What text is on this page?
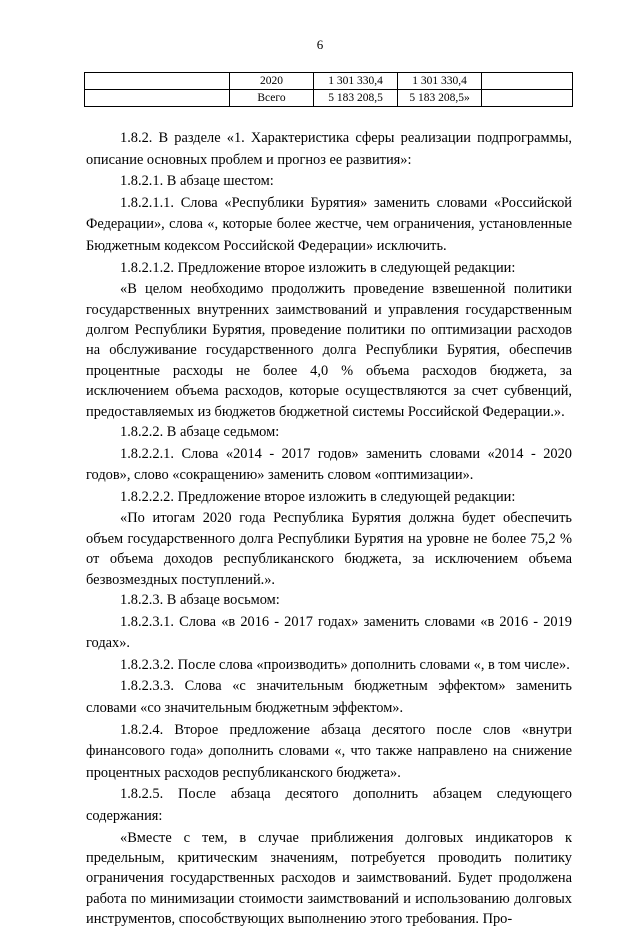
6
	2020	1 301 330,4	1 301 330,4	
	Всего	5 183 208,5	5 183 208,5»	

1.8.2. В разделе «1. Характеристика сферы реализации подпрограммы, описание основных проблем и прогноз ее развития»:

1.8.2.1. В абзаце шестом:

1.8.2.1.1. Слова «Республики Бурятия» заменить словами «Российской Федерации», слова «, которые более жестче, чем ограничения, установленные Бюджетным кодексом Российской Федерации» исключить.

1.8.2.1.2. Предложение второе изложить в следующей редакции:

«В целом необходимо продолжить проведение взвешенной политики государственных внутренних заимствований и управления государственным долгом Республики Бурятия, проведение политики по оптимизации расходов на обслуживание государственного долга Республики Бурятия, обеспечив процентные расходы не более 4,0 % объема расходов бюджета, за исключением объема расходов, которые осуществляются за счет субвенций, предоставляемых из бюджетов бюджетной системы Российской Федерации.».

1.8.2.2. В абзаце седьмом:

1.8.2.2.1. Слова «2014 - 2017 годов» заменить словами «2014 - 2020 годов», слово «сокращению» заменить словом «оптимизации».

1.8.2.2.2. Предложение второе изложить в следующей редакции:

«По итогам 2020 года Республика Бурятия должна будет обеспечить объем государственного долга Республики Бурятия на уровне не более 75,2 % от объема доходов республиканского бюджета, за исключением объема безвозмездных поступлений.».

1.8.2.3. В абзаце восьмом:

1.8.2.3.1. Слова «в 2016 - 2017 годах» заменить словами «в 2016 - 2019 годах».

1.8.2.3.2. После слова «производить» дополнить словами «, в том числе».

1.8.2.3.3. Слова «с значительным бюджетным эффектом» заменить словами «со значительным бюджетным эффектом».

1.8.2.4. Второе предложение абзаца десятого после слов «внутри финансового года» дополнить словами «, что также направлено на снижение процентных расходов республиканского бюджета».

1.8.2.5. После абзаца десятого дополнить абзацем следующего содержания:

«Вместе с тем, в случае приближения долговых индикаторов к предельным, критическим значениям, потребуется проводить политику ограничения государственных расходов и заимствований. Будет продолжена работа по минимизации стоимости заимствований и использованию долговых инструментов, способствующих выполнению этого требования. Про-
